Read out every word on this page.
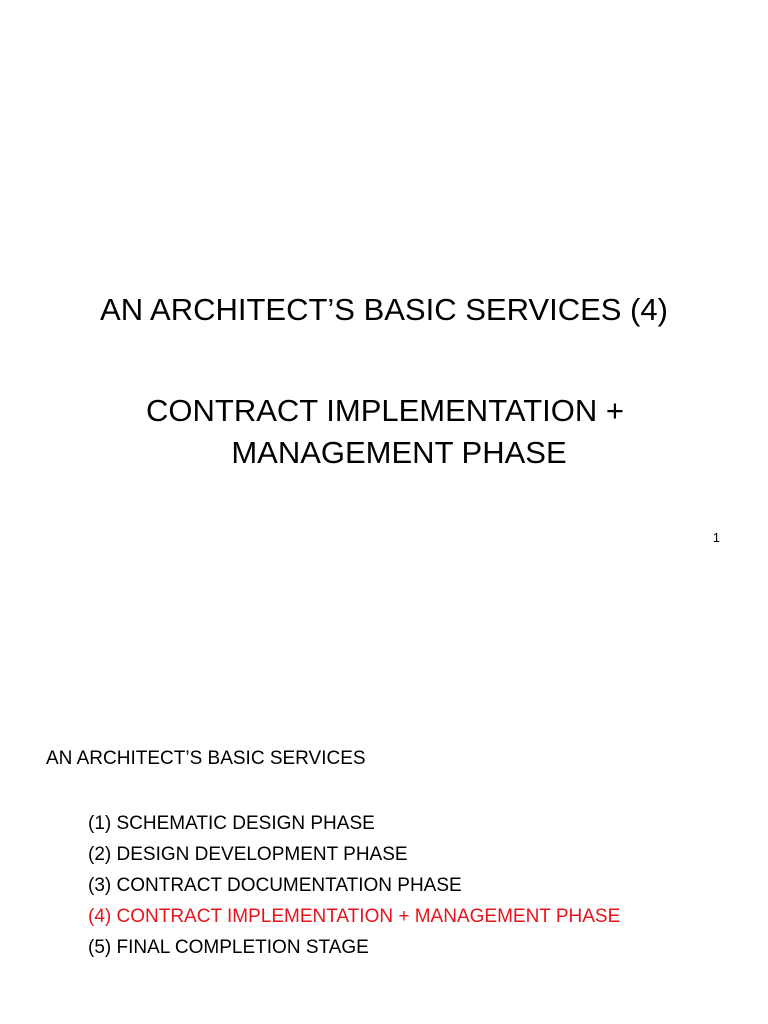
AN ARCHITECT’S BASIC SERVICES (4)
CONTRACT IMPLEMENTATION +
MANAGEMENT PHASE
1
AN ARCHITECT’S BASIC SERVICES
(1) SCHEMATIC DESIGN PHASE
(2) DESIGN DEVELOPMENT PHASE
(3) CONTRACT DOCUMENTATION PHASE
(4) CONTRACT IMPLEMENTATION + MANAGEMENT PHASE
(5) FINAL COMPLETION STAGE
